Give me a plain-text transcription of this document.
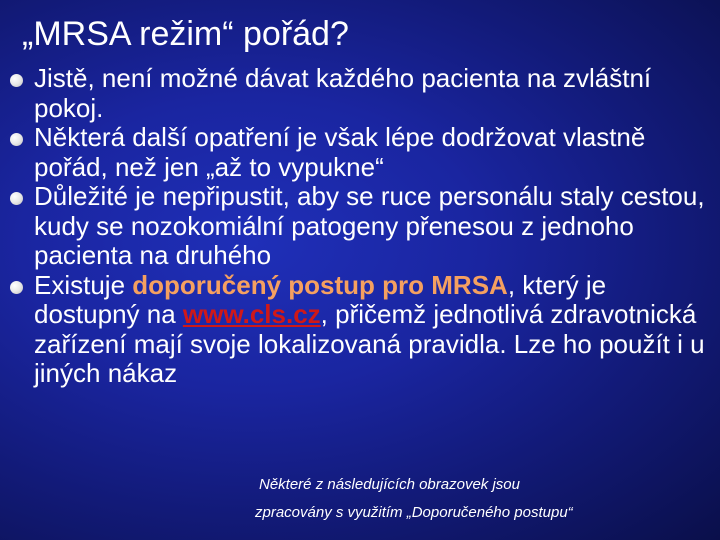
„MRSA režim“ pořád?
Jistě, není možné dávat každého pacienta na zvláštní pokoj.
Některá další opatření je však lépe dodržovat vlastně pořád, než jen „až to vypukne“
Důležité je nepřipustit, aby se ruce personálu staly cestou, kudy se nozokomiální patogeny přenesou z jednoho pacienta na druhého
Existuje doporučený postup pro MRSA, který je dostupný na www.cls.cz, přičemž jednotlivá zdravotnická zařízení mají svoje lokalizovaná pravidla. Lze ho použít i u jiných nákaz
Některé z následujících obrazovek jsou
zpracovány s využitím „Doporučeného postupu“
